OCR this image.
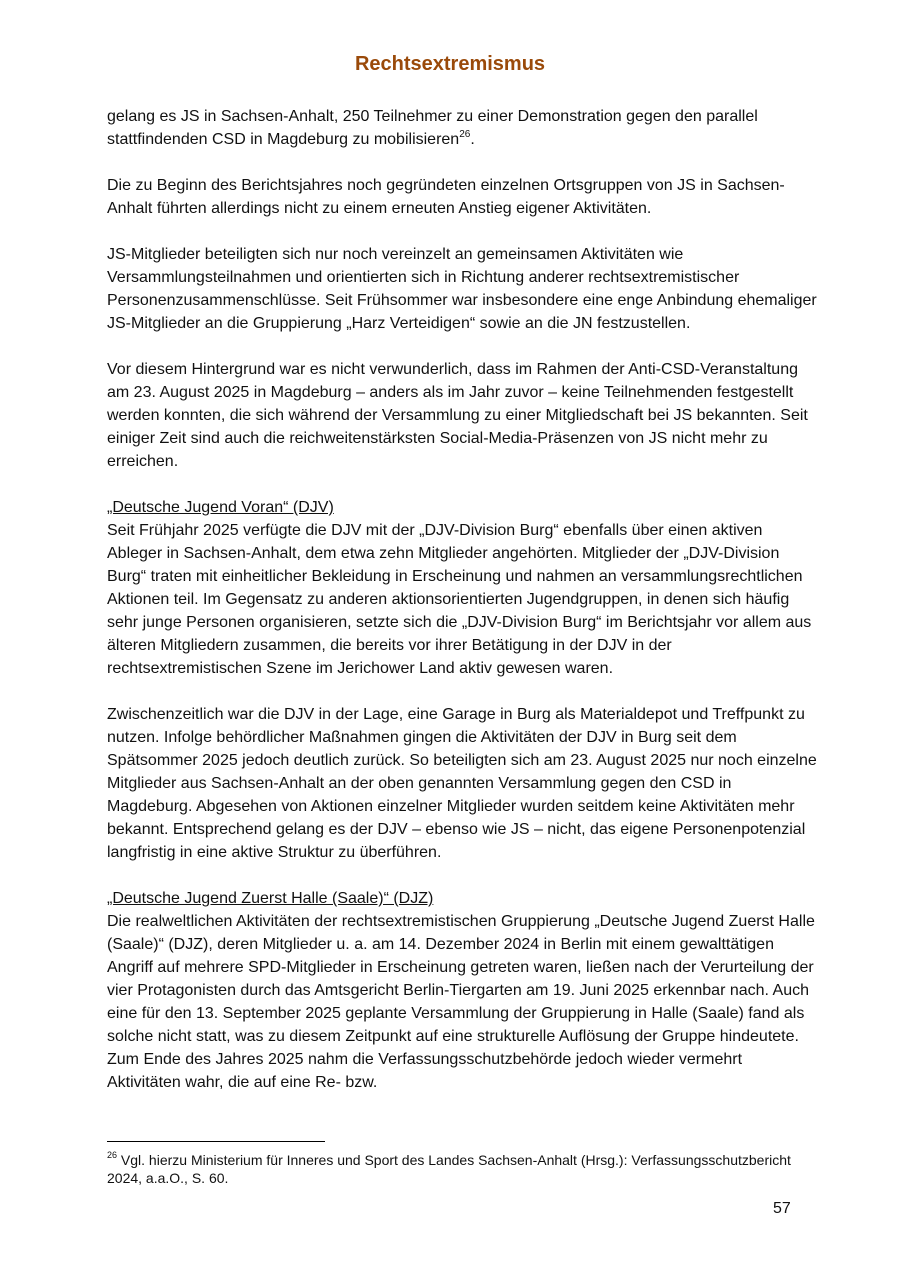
Rechtsextremismus

gelang es JS in Sachsen-Anhalt, 250 Teilnehmer zu einer Demonstration gegen den parallel stattfindenden CSD in Magdeburg zu mobilisieren$^{26}$.

Die zu Beginn des Berichtsjahres noch gegründeten einzelnen Ortsgruppen von JS in Sachsen-Anhalt führten allerdings nicht zu einem erneuten Anstieg eigener Aktivitäten.

JS-Mitglieder beteiligten sich nur noch vereinzelt an gemeinsamen Aktivitäten wie Versammlungsteilnahmen und orientierten sich in Richtung anderer rechtsextremistischer Personenzusammenschlüsse. Seit Frühsommer war insbesondere eine enge Anbindung ehemaliger JS-Mitglieder an die Gruppierung „Harz Verteidigen“ sowie an die JN festzustellen.

Vor diesem Hintergrund war es nicht verwunderlich, dass im Rahmen der Anti-CSD-Veranstaltung am 23. August 2025 in Magdeburg – anders als im Jahr zuvor – keine Teilnehmenden festgestellt werden konnten, die sich während der Versammlung zu einer Mitgliedschaft bei JS bekannten. Seit einiger Zeit sind auch die reichweitenstärksten Social-Media-Präsenzen von JS nicht mehr zu erreichen.

„Deutsche Jugend Voran“ (DJV)

Seit Frühjahr 2025 verfügte die DJV mit der „DJV-Division Burg“ ebenfalls über einen aktiven Ableger in Sachsen-Anhalt, dem etwa zehn Mitglieder angehörten. Mitglieder der „DJV-Division Burg“ traten mit einheitlicher Bekleidung in Erscheinung und nahmen an versammlungsrechtlichen Aktionen teil. Im Gegensatz zu anderen aktionsorientierten Jugendgruppen, in denen sich häufig sehr junge Personen organisieren, setzte sich die „DJV-Division Burg“ im Berichtsjahr vor allem aus älteren Mitgliedern zusammen, die bereits vor ihrer Betätigung in der DJV in der rechtsextremistischen Szene im Jerichower Land aktiv gewesen waren.

Zwischenzeitlich war die DJV in der Lage, eine Garage in Burg als Materialdepot und Treffpunkt zu nutzen. Infolge behördlicher Maßnahmen gingen die Aktivitäten der DJV in Burg seit dem Spätsommer 2025 jedoch deutlich zurück. So beteiligten sich am 23. August 2025 nur noch einzelne Mitglieder aus Sachsen-Anhalt an der oben genannten Versammlung gegen den CSD in Magdeburg. Abgesehen von Aktionen einzelner Mitglieder wurden seitdem keine Aktivitäten mehr bekannt. Entsprechend gelang es der DJV – ebenso wie JS – nicht, das eigene Personenpotenzial langfristig in eine aktive Struktur zu überführen.

„Deutsche Jugend Zuerst Halle (Saale)“ (DJZ)

Die realweltlichen Aktivitäten der rechtsextremistischen Gruppierung „Deutsche Jugend Zuerst Halle (Saale)“ (DJZ), deren Mitglieder u. a. am 14. Dezember 2024 in Berlin mit einem gewalttätigen Angriff auf mehrere SPD-Mitglieder in Erscheinung getreten waren, ließen nach der Verurteilung der vier Protagonisten durch das Amtsgericht Berlin-Tiergarten am 19. Juni 2025 erkennbar nach. Auch eine für den 13. September 2025 geplante Versammlung der Gruppierung in Halle (Saale) fand als solche nicht statt, was zu diesem Zeitpunkt auf eine strukturelle Auflösung der Gruppe hindeutete. Zum Ende des Jahres 2025 nahm die Verfassungsschutzbehörde jedoch wieder vermehrt Aktivitäten wahr, die auf eine Re- bzw.

$^{26}$ Vgl. hierzu Ministerium für Inneres und Sport des Landes Sachsen-Anhalt (Hrsg.): Verfassungsschutzbericht 2024, a.a.O., S. 60.
57
